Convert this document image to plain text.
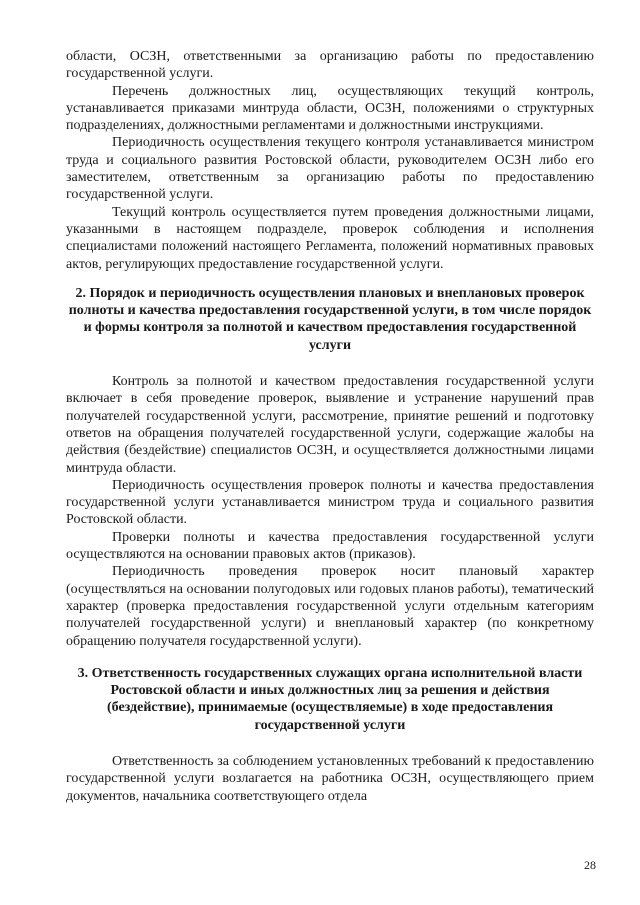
области, ОСЗН, ответственными за организацию работы по предоставлению государственной услуги.

Перечень должностных лиц, осуществляющих текущий контроль, устанавливается приказами минтруда области, ОСЗН, положениями о структурных подразделениях, должностными регламентами и должностными инструкциями.

Периодичность осуществления текущего контроля устанавливается министром труда и социального развития Ростовской области, руководителем ОСЗН либо его заместителем, ответственным за организацию работы по предоставлению государственной услуги.

Текущий контроль осуществляется путем проведения должностными лицами, указанными в настоящем подразделе, проверок соблюдения и исполнения специалистами положений настоящего Регламента, положений нормативных правовых актов, регулирующих предоставление государственной услуги.

2. Порядок и периодичность осуществления плановых и внеплановых проверок полноты и качества предоставления государственной услуги, в том числе порядок и формы контроля за полнотой и качеством предоставления государственной услуги

Контроль за полнотой и качеством предоставления государственной услуги включает в себя проведение проверок, выявление и устранение нарушений прав получателей государственной услуги, рассмотрение, принятие решений и подготовку ответов на обращения получателей государственной услуги, содержащие жалобы на действия (бездействие) специалистов ОСЗН, и осуществляется должностными лицами минтруда области.

Периодичность осуществления проверок полноты и качества предоставления государственной услуги устанавливается министром труда и социального развития Ростовской области.

Проверки полноты и качества предоставления государственной услуги осуществляются на основании правовых актов (приказов).

Периодичность проведения проверок носит плановый характер (осуществляться на основании полугодовых или годовых планов работы), тематический характер (проверка предоставления государственной услуги отдельным категориям получателей государственной услуги) и внеплановый характер (по конкретному обращению получателя государственной услуги).

3. Ответственность государственных служащих органа исполнительной власти Ростовской области и иных должностных лиц за решения и действия (бездействие), принимаемые (осуществляемые) в ходе предоставления государственной услуги

Ответственность за соблюдением установленных требований к предоставлению государственной услуги возлагается на работника ОСЗН, осуществляющего прием документов, начальника соответствующего отдела

28
